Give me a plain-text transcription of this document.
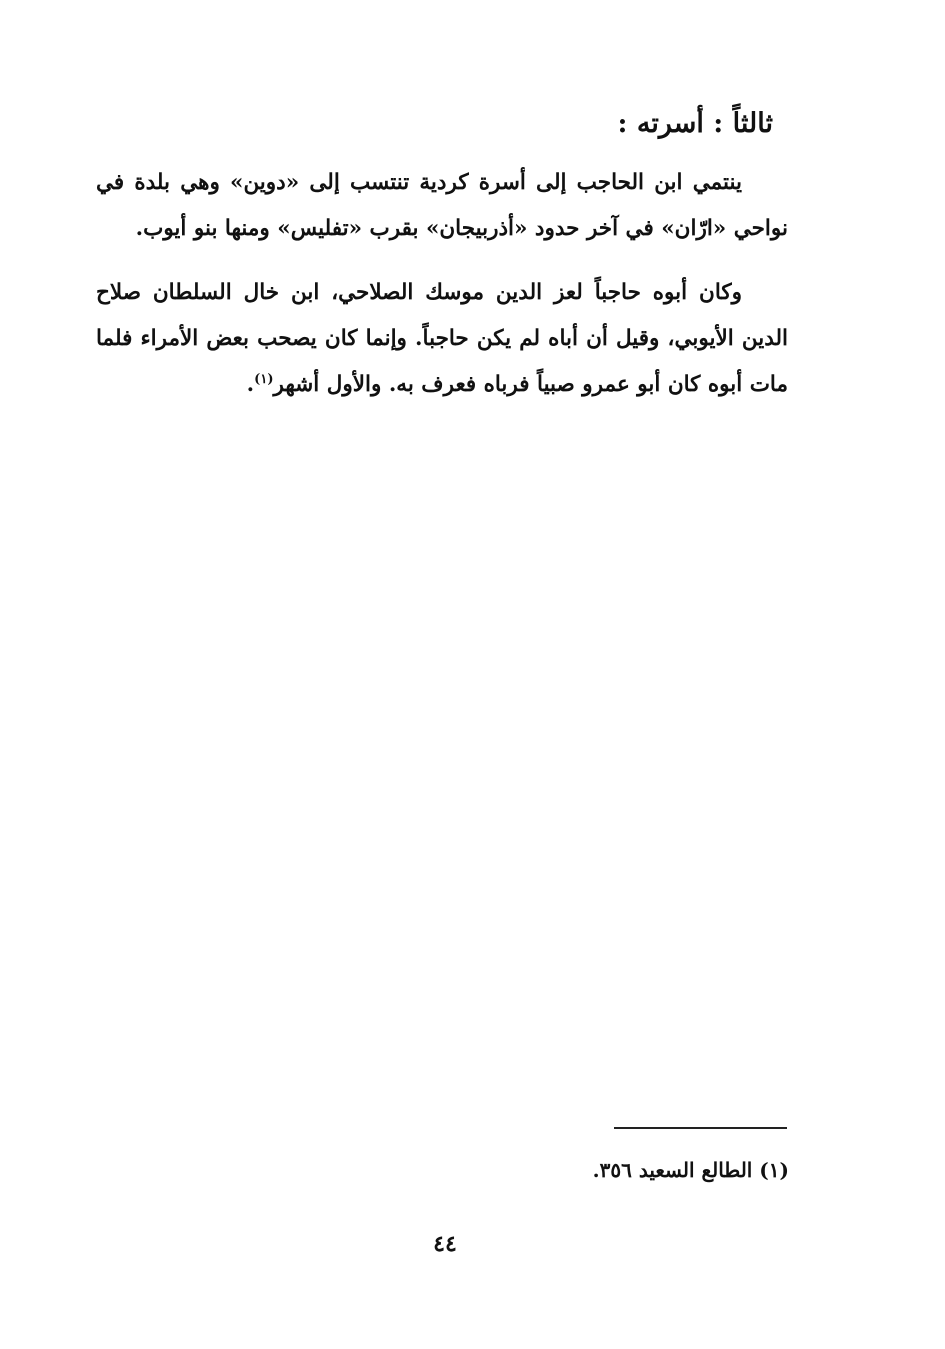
ثالثاً : أسرته :

ينتمي ابن الحاجب إلى أسرة كردية تنتسب إلى «دوين» وهي بلدة في نواحي «ارّان» في آخر حدود «أذربيجان» بقرب «تفليس» ومنها بنو أيوب.

وكان أبوه حاجباً لعز الدين موسك الصلاحي، ابن خال السلطان صلاح الدين الأيوبي، وقيل أن أباه لم يكن حاجباً. وإنما كان يصحب بعض الأمراء فلما مات أبوه كان أبو عمرو صبياً فرباه فعرف به. والأول أشهر$^{(١)}$.

(١) الطالع السعيد ٣٥٦.
٤٤
